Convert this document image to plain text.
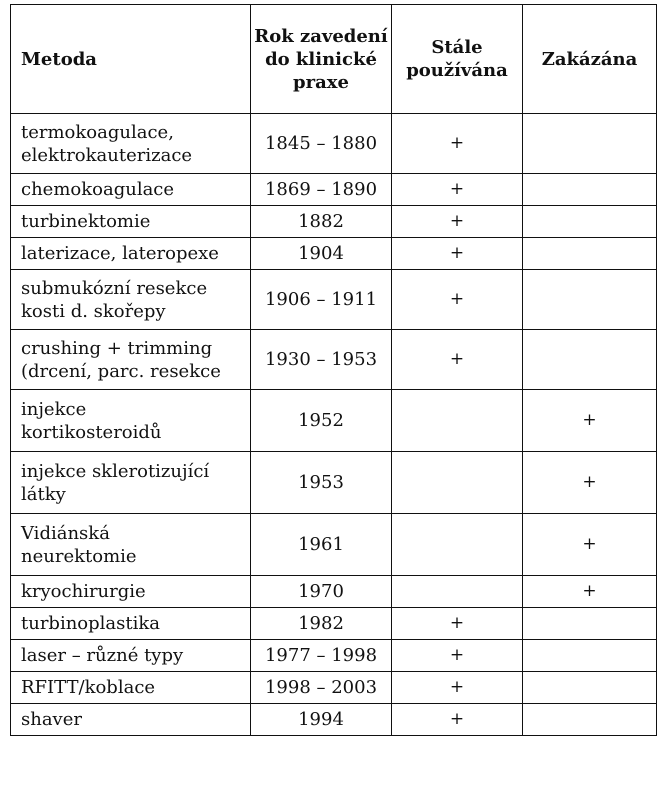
Metoda	Rok zavedení do klinické praxe	Stále používána	Zakázána
termokoagulace,
elektrokauterizace	1845 – 1880	+	
chemokoagulace	1869 – 1890	+	
turbinektomie	1882	+	
laterizace, lateropexe	1904	+	
submukózní resekce
kosti d. skořepy	1906 – 1911	+	
crushing + trimming
(drcení, parc. resekce	1930 – 1953	+	
injekce
kortikosteroidů	1952		+
injekce sklerotizující
látky	1953		+
Vidiánská
neurektomie	1961		+
kryochirurgie	1970		+
turbinoplastika	1982	+	
laser – různé typy	1977 – 1998	+	
RFITT/koblace	1998 – 2003	+	
shaver	1994	+	
